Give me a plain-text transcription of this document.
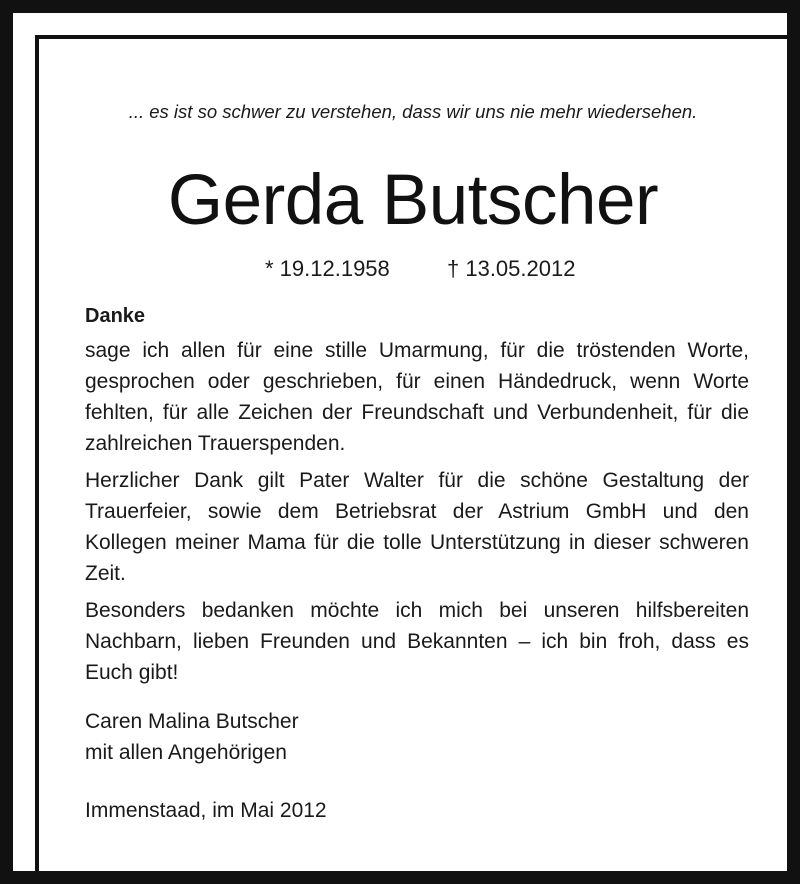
... es ist so schwer zu verstehen, dass wir uns nie mehr wiedersehen.
Gerda Butscher
* 19.12.1958	† 13.05.2012
Danke

sage ich allen für eine stille Umarmung, für die tröstenden Worte, gesprochen oder geschrieben, für einen Händedruck, wenn Worte fehlten, für alle Zeichen der Freundschaft und Verbundenheit, für die zahlreichen Trauerspenden.

Herzlicher Dank gilt Pater Walter für die schöne Gestaltung der Trauerfeier, sowie dem Betriebsrat der Astrium GmbH und den Kollegen meiner Mama für die tolle Unterstützung in dieser schweren Zeit.

Besonders bedanken möchte ich mich bei unseren hilfsbereiten Nachbarn, lieben Freunden und Bekannten – ich bin froh, dass es Euch gibt!

Caren Malina Butscher
mit allen Angehörigen
Immenstaad, im Mai 2012
